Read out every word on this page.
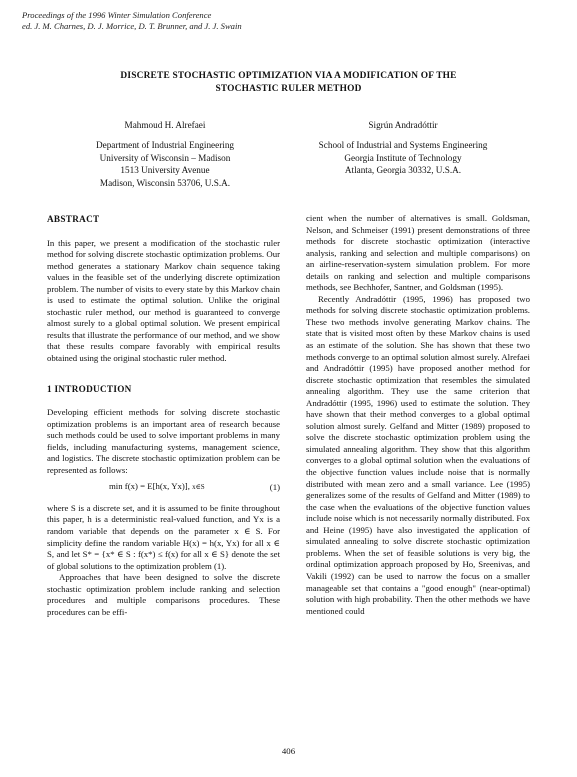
Proceedings of the 1996 Winter Simulation Conference
ed. J. M. Charnes, D. J. Morrice, D. T. Brunner, and J. J. Swain
DISCRETE STOCHASTIC OPTIMIZATION VIA A MODIFICATION OF THE
STOCHASTIC RULER METHOD
Mahmoud H. Alrefaei
Department of Industrial Engineering
University of Wisconsin – Madison
1513 University Avenue
Madison, Wisconsin 53706, U.S.A.
Sigrún Andradóttir
School of Industrial and Systems Engineering
Georgia Institute of Technology
Atlanta, Georgia 30332, U.S.A.
ABSTRACT

In this paper, we present a modification of the stochastic ruler method for solving discrete stochastic optimization problems. Our method generates a stationary Markov chain sequence taking values in the feasible set of the underlying discrete optimization problem. The number of visits to every state by this Markov chain is used to estimate the optimal solution. Unlike the original stochastic ruler method, our method is guaranteed to converge almost surely to a global optimal solution. We present empirical results that illustrate the performance of our method, and we show that these results compare favorably with empirical results obtained using the original stochastic ruler method.

1 INTRODUCTION

Developing efficient methods for solving discrete stochastic optimization problems is an important area of research because such methods could be used to solve important problems in many fields, including manufacturing systems, management science, and logistics. The discrete stochastic optimization problem can be represented as follows:

min f(x) = E[h(x, Yx)], x∈S	(1)

where S is a discrete set, and it is assumed to be finite throughout this paper, h is a deterministic real-valued function, and Yx is a random variable that depends on the parameter x ∈ S. For simplicity define the random variable H(x) = h(x, Yx) for all x ∈ S, and let S* = {x* ∈ S : f(x*) ≤ f(x) for all x ∈ S} denote the set of global solutions to the optimization problem (1).

Approaches that have been designed to solve the discrete stochastic optimization problem include ranking and selection procedures and multiple comparisons procedures. These procedures can be effi-

cient when the number of alternatives is small. Goldsman, Nelson, and Schmeiser (1991) present demonstrations of three methods for discrete stochastic optimization (interactive analysis, ranking and selection and multiple comparisons) on an airline-reservation-system simulation problem. For more details on ranking and selection and multiple comparisons methods, see Bechhofer, Santner, and Goldsman (1995).

Recently Andradóttir (1995, 1996) has proposed two methods for solving discrete stochastic optimization problems. These two methods involve generating Markov chains. The state that is visited most often by these Markov chains is used as an estimate of the solution. She has shown that these two methods converge to an optimal solution almost surely. Alrefaei and Andradóttir (1995) have proposed another method for discrete stochastic optimization that resembles the simulated annealing algorithm. They use the same criterion that Andradóttir (1995, 1996) used to estimate the solution. They have shown that their method converges to a global optimal solution almost surely. Gelfand and Mitter (1989) proposed to solve the discrete stochastic optimization problem using the simulated annealing algorithm. They show that this algorithm converges to a global optimal solution when the evaluations of the objective function values include noise that is normally distributed with mean zero and a small variance. Lee (1995) generalizes some of the results of Gelfand and Mitter (1989) to the case when the evaluations of the objective function values include noise which is not necessarily normally distributed. Fox and Heine (1995) have also investigated the application of simulated annealing to solve discrete stochastic optimization problems. When the set of feasible solutions is very big, the ordinal optimization approach proposed by Ho, Sreenivas, and Vakili (1992) can be used to narrow the focus on a smaller manageable set that contains a "good enough" (near-optimal) solution with high probability. Then the other methods we have mentioned could

406
